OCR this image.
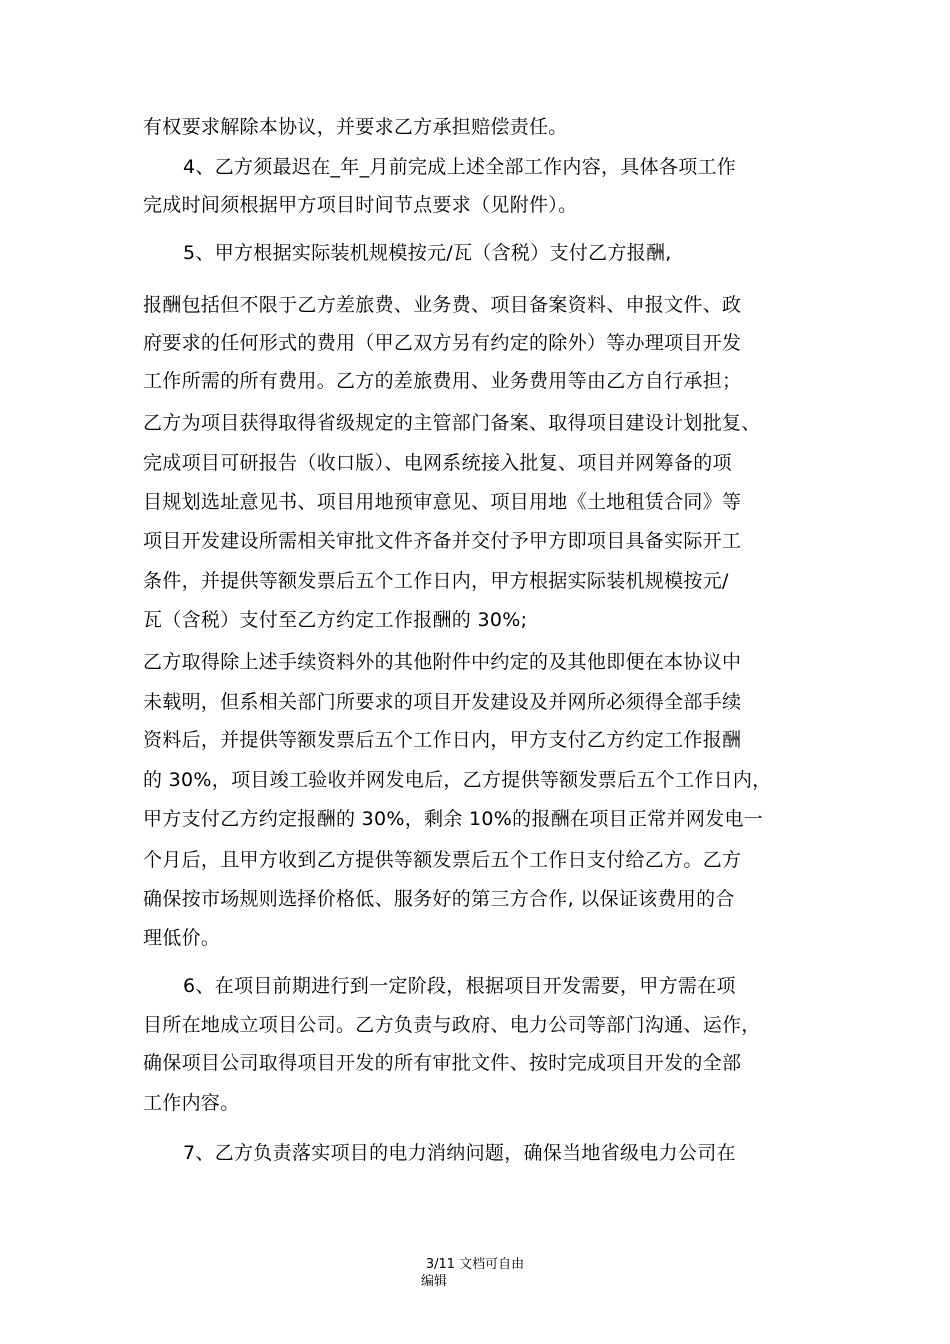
有权要求解除本协议，并要求乙方承担赔偿责任。
4、乙方须最迟在_年_月前完成上述全部工作内容，具体各项工作
完成时间须根据甲方项目时间节点要求（见附件）。
5、甲方根据实际装机规模按元/瓦（含税）支付乙方报酬,
报酬包括但不限于乙方差旅费、业务费、项目备案资料、申报文件、政
府要求的任何形式的费用（甲乙双方另有约定的除外）等办理项目开发
工作所需的所有费用。乙方的差旅费用、业务费用等由乙方自行承担；
乙方为项目获得取得省级规定的主管部门备案、取得项目建设计划批复、
完成项目可研报告（收口版）、电网系统接入批复、项目并网筹备的项
目规划选址意见书、项目用地预审意见、项目用地《土地租赁合同》等
项目开发建设所需相关审批文件齐备并交付予甲方即项目具备实际开工
条件，并提供等额发票后五个工作日内，甲方根据实际装机规模按元/
瓦（含税）支付至乙方约定工作报酬的 30%;
乙方取得除上述手续资料外的其他附件中约定的及其他即便在本协议中
未载明，但系相关部门所要求的项目开发建设及并网所必须得全部手续
资料后，并提供等额发票后五个工作日内，甲方支付乙方约定工作报酬
的 30%，项目竣工验收并网发电后，乙方提供等额发票后五个工作日内，
甲方支付乙方约定报酬的 30%，剩余 10%的报酬在项目正常并网发电一
个月后，且甲方收到乙方提供等额发票后五个工作日支付给乙方。乙方
确保按市场规则选择价格低、服务好的第三方合作, 以保证该费用的合
理低价。
6、在项目前期进行到一定阶段，根据项目开发需要，甲方需在项
目所在地成立项目公司。乙方负责与政府、电力公司等部门沟通、运作，
确保项目公司取得项目开发的所有审批文件、按时完成项目开发的全部
工作内容。
7、乙方负责落实项目的电力消纳问题，确保当地省级电力公司在
3/11 文档可自由
编辑
